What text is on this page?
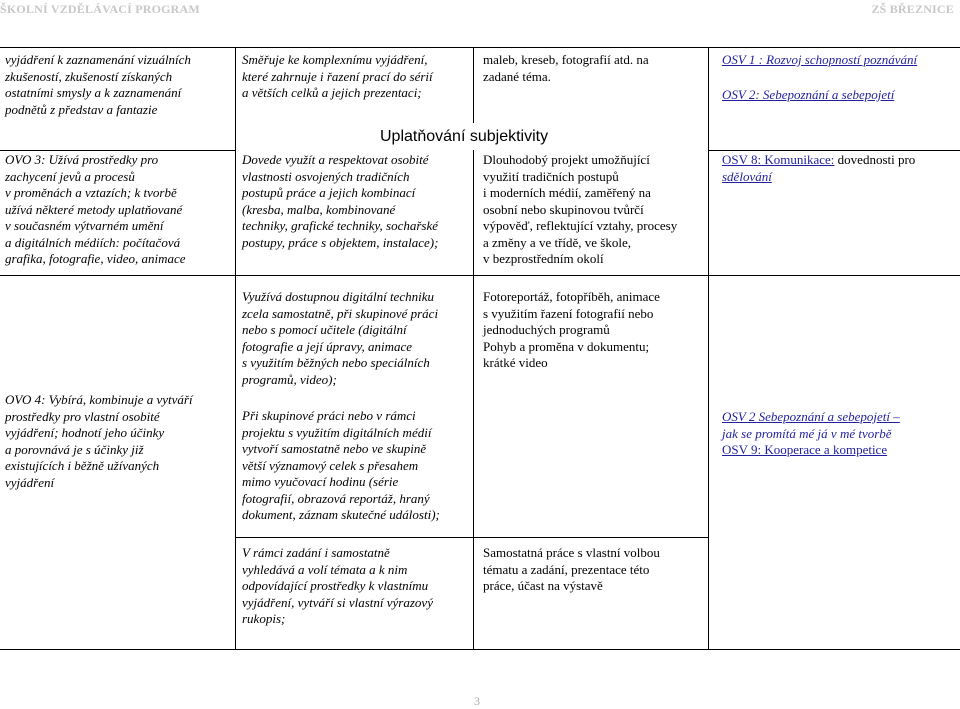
ŠKOLNÍ VZDĚLÁVACÍ PROGRAM	ZŠ BŘEZNICE
Uplatňování subjektivity
vyjádření k zaznamenání vizuálních
zkušeností, zkušeností získaných
ostatními smysly a k zaznamenání
podnětů z představ a fantazie
OVO 3: Užívá prostředky pro
zachycení jevů a procesů
v proměnách a vztazích; k tvorbě
užívá některé metody uplatňované
v současném výtvarném umění
a digitálních médiích: počítačová
grafika, fotografie, video, animace
OVO 4: Vybírá, kombinuje a vytváří
prostředky pro vlastní osobité
vyjádření; hodnotí jeho účinky
a porovnává je s účinky již
existujících i běžně užívaných
vyjádření
Směřuje ke komplexnímu vyjádření,
které zahrnuje i řazení prací do sérií
a větších celků a jejich prezentaci;
Dovede využít a respektovat osobité
vlastnosti osvojených tradičních
postupů práce a jejich kombinací
(kresba, malba, kombinované
techniky, grafické techniky, sochařské
postupy, práce s objektem, instalace);
Využívá dostupnou digitální techniku
zcela samostatně, při skupinové práci
nebo s pomocí učitele (digitální
fotografie a její úpravy, animace
s využitím běžných nebo speciálních
programů, video);
Při skupinové práci nebo v rámci
projektu s využitím digitálních médií
vytvoří samostatně nebo ve skupině
větší významový celek s přesahem
mimo vyučovací hodinu (série
fotografií, obrazová reportáž, hraný
dokument, záznam skutečné události);
V rámci zadání i samostatně
vyhledává a volí témata a k nim
odpovídající prostředky k vlastnímu
vyjádření, vytváří si vlastní výrazový
rukopis;
maleb, kreseb, fotografií atd. na
zadané téma.
Dlouhodobý projekt umožňující
využití tradičních postupů
i moderních médií, zaměřený na
osobní nebo skupinovou tvůrčí
výpověď, reflektující vztahy, procesy
a změny a ve třídě, ve škole,
v bezprostředním okolí
Fotoreportáž, fotopříběh, animace
s využitím řazení fotografií nebo
jednoduchých programů
Pohyb a proměna v dokumentu;
krátké video
Samostatná práce s vlastní volbou
tématu a zadání, prezentace této
práce, účast na výstavě
OSV 1 : Rozvoj schopností poznávání
OSV 2: Sebepoznání a sebepojetí
OSV 8: Komunikace: dovednosti pro
sdělování
OSV 2 Sebepoznání a sebepojetí –
jak se promítá mé já v mé tvorbě
OSV 9: Kooperace a kompetice
3
